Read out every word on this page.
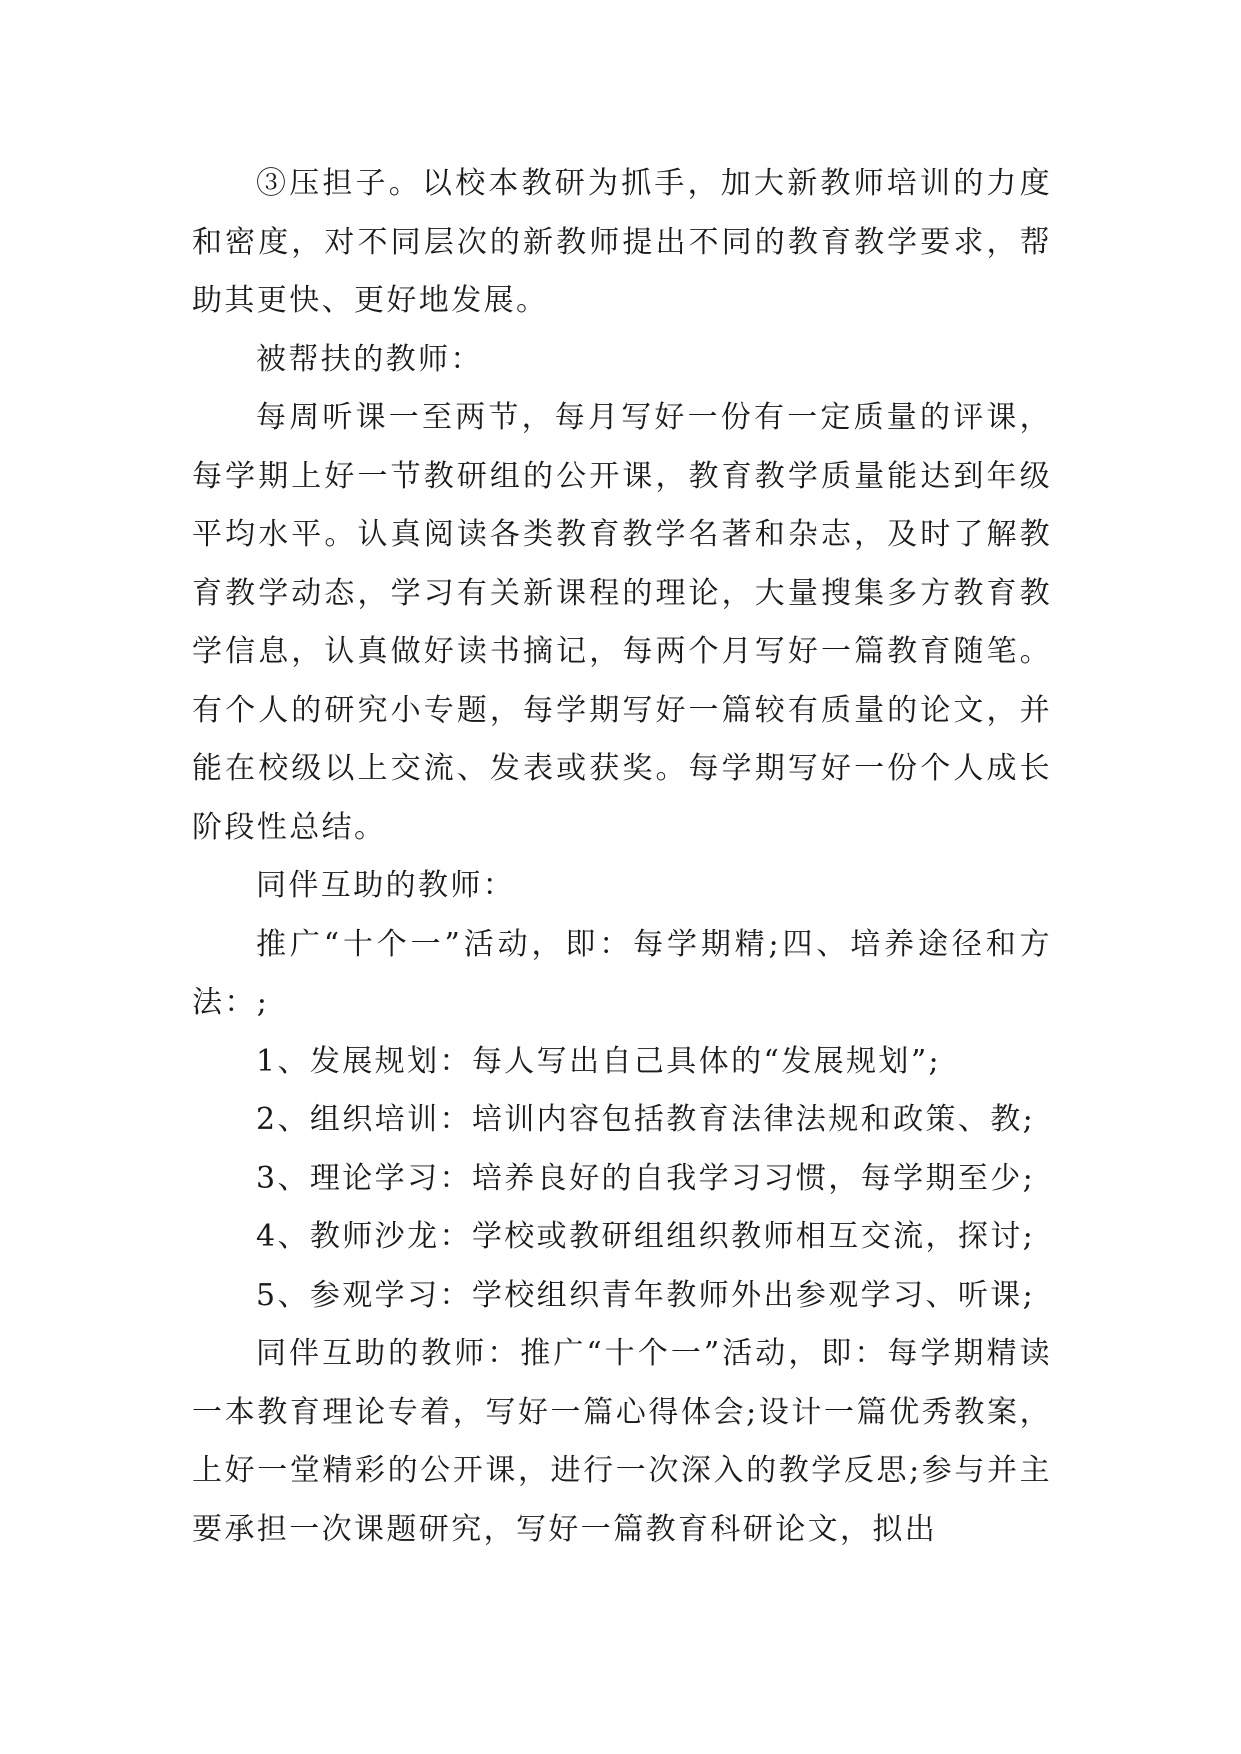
③压担子。以校本教研为抓手，加大新教师培训的力度和密度，对不同层次的新教师提出不同的教育教学要求，帮助其更快、更好地发展。

被帮扶的教师：

每周听课一至两节，每月写好一份有一定质量的评课，每学期上好一节教研组的公开课，教育教学质量能达到年级平均水平。认真阅读各类教育教学名著和杂志，及时了解教育教学动态，学习有关新课程的理论，大量搜集多方教育教学信息，认真做好读书摘记，每两个月写好一篇教育随笔。有个人的研究小专题，每学期写好一篇较有质量的论文，并能在校级以上交流、发表或获奖。每学期写好一份个人成长阶段性总结。

同伴互助的教师：

推广“十个一”活动，即：每学期精;四、培养途径和方法：;

1、发展规划：每人写出自己具体的“发展规划”;

2、组织培训：培训内容包括教育法律法规和政策、教;

3、理论学习：培养良好的自我学习习惯，每学期至少;

4、教师沙龙：学校或教研组组织教师相互交流，探讨;

5、参观学习：学校组织青年教师外出参观学习、听课;

同伴互助的教师：推广“十个一”活动，即：每学期精读一本教育理论专着，写好一篇心得体会;设计一篇优秀教案，上好一堂精彩的公开课，进行一次深入的教学反思;参与并主要承担一次课题研究，写好一篇教育科研论文，拟出
